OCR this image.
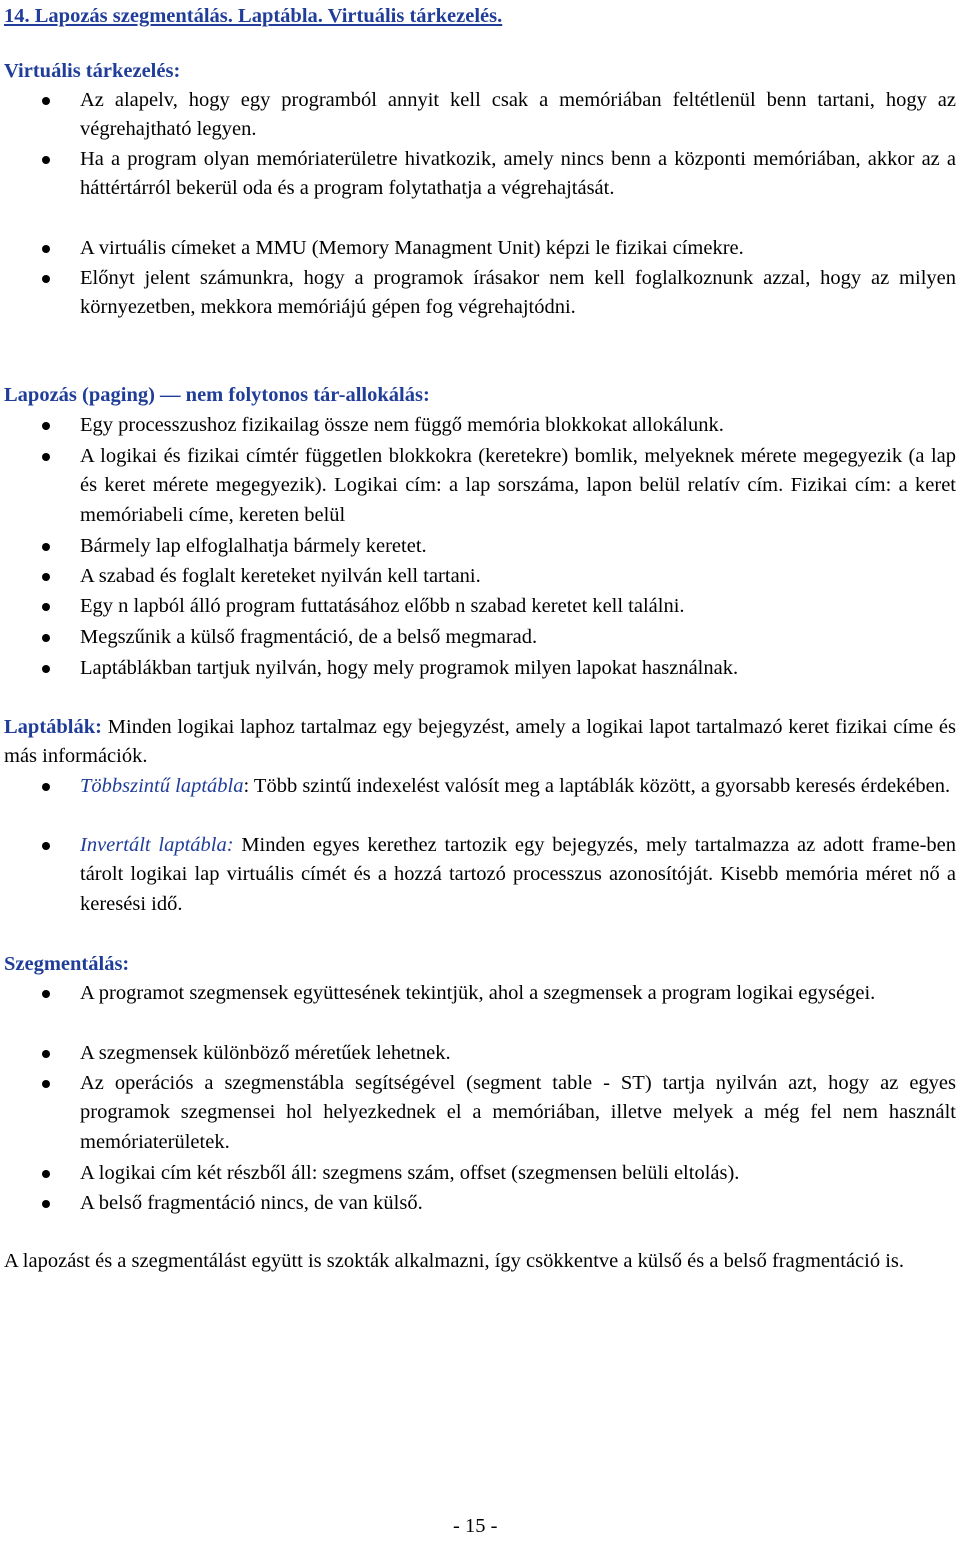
14. Lapozás szegmentálás. Laptábla. Virtuális tárkezelés.
Virtuális tárkezelés:
Az alapelv, hogy egy programból annyit kell csak a memóriában feltétlenül benn tartani, hogy az végrehajtható legyen.
Ha a program olyan memóriaterületre hivatkozik, amely nincs benn a központi memóriában, akkor az a háttértárról bekerül oda és a program folytathatja a végrehajtását.
A virtuális címeket a MMU (Memory Managment Unit) képzi le fizikai címekre.
Előnyt jelent számunkra, hogy a programok írásakor nem kell foglalkoznunk azzal, hogy az milyen környezetben, mekkora memóriájú gépen fog végrehajtódni.
Lapozás (paging) — nem folytonos tár-allokálás:
Egy processzushoz fizikailag össze nem függő memória blokkokat allokálunk.
A logikai és fizikai címtér független blokkokra (keretekre) bomlik, melyeknek mérete megegyezik (a lap és keret mérete megegyezik). Logikai cím: a lap sorszáma, lapon belül relatív cím. Fizikai cím: a keret memóriabeli címe, kereten belül
Bármely lap elfoglalhatja bármely keretet.
A szabad és foglalt kereteket nyilván kell tartani.
Egy n lapból álló program futtatásához előbb n szabad keretet kell találni.
Megszűnik a külső fragmentáció, de a belső megmarad.
Laptáblákban tartjuk nyilván, hogy mely programok milyen lapokat használnak.
Laptáblák: Minden logikai laphoz tartalmaz egy bejegyzést, amely a logikai lapot tartalmazó keret fizikai címe és más információk.
Többszintű laptábla: Több szintű indexelést valósít meg a laptáblák között, a gyorsabb keresés érdekében.
Invertált laptábla: Minden egyes kerethez tartozik egy bejegyzés, mely tartalmazza az adott frame-ben tárolt logikai lap virtuális címét és a hozzá tartozó processzus azonosítóját. Kisebb memória méret nő a keresési idő.
Szegmentálás:
A programot szegmensek együttesének tekintjük, ahol a szegmensek a program logikai egységei.
A szegmensek különböző méretűek lehetnek.
Az operációs a szegmenstábla segítségével (segment table - ST) tartja nyilván azt, hogy az egyes programok szegmensei hol helyezkednek el a memóriában, illetve melyek a még fel nem használt memóriaterületek.
A logikai cím két részből áll: szegmens szám, offset (szegmensen belüli eltolás).
A belső fragmentáció nincs, de van külső.
A lapozást és a szegmentálást együtt is szokták alkalmazni, így csökkentve a külső és a belső fragmentáció is.
- 15 -
